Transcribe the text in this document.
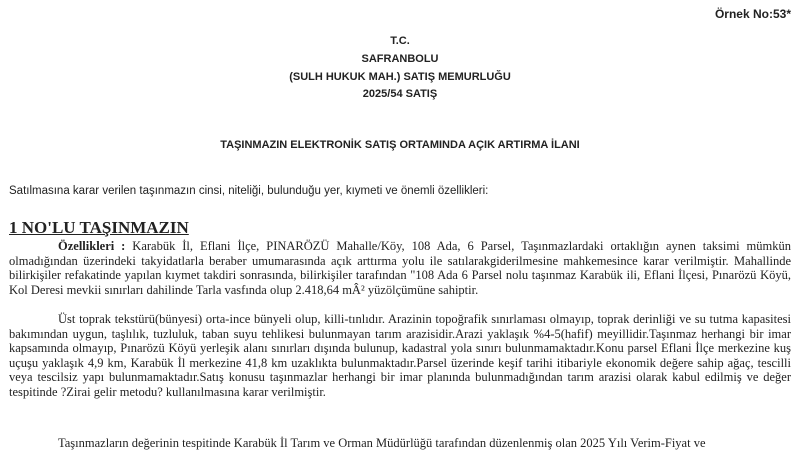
Örnek No:53*
T.C.
SAFRANBOLU
(SULH HUKUK MAH.) SATIŞ MEMURLUĞU
2025/54 SATIŞ
TAŞINMAZIN ELEKTRONİK SATIŞ ORTAMINDA AÇIK ARTIRMA İLANI
Satılmasına karar verilen taşınmazın cinsi, niteliği, bulunduğu yer, kıymeti ve önemli özellikleri:
1 NO'LU TAŞINMAZIN

Özellikleri : Karabük İl, Eflani İlçe, PINARÖZÜ Mahalle/Köy, 108 Ada, 6 Parsel, Taşınmazlardaki ortaklığın aynen taksimi mümkün olmadığından üzerindeki takyidatlarla beraber umumarasında açık arttırma yolu ile satılarakgiderilmesine mahkemesince karar verilmiştir. Mahallinde bilirkişiler refakatinde yapılan kıymet takdiri sonrasında, bilirkişiler tarafından "108 Ada 6 Parsel nolu taşınmaz Karabük ili, Eflani İlçesi, Pınarözü Köyü, Kol Deresi mevkii sınırları dahilinde Tarla vasfında olup 2.418,64 mÂ² yüzölçümüne sahiptir.

Üst toprak tekstürü(bünyesi) orta-ince bünyeli olup, killi-tınlıdır. Arazinin topoğrafik sınırlaması olmayıp, toprak derinliği ve su tutma kapasitesi bakımından uygun, taşlılık, tuzluluk, taban suyu tehlikesi bulunmayan tarım arazisidir.Arazi yaklaşık %4-5(hafif) meyillidir.Taşınmaz herhangi bir imar kapsamında olmayıp, Pınarözü Köyü yerleşik alanı sınırları dışında bulunup, kadastral yola sınırı bulunmamaktadır.Konu parsel Eflani İlçe merkezine kuş uçuşu yaklaşık 4,9 km, Karabük İl merkezine 41,8 km uzaklıkta bulunmaktadır.Parsel üzerinde keşif tarihi itibariyle ekonomik değere sahip ağaç, tescilli veya tescilsiz yapı bulunmamaktadır.Satış konusu taşınmazlar herhangi bir imar planında bulunmadığından tarım arazisi olarak kabul edilmiş ve değer tespitinde ?Zirai gelir metodu? kullanılmasına karar verilmiştir.

Taşınmazların değerinin tespitinde Karabük İl Tarım ve Orman Müdürlüğü tarafından düzenlenmiş olan 2025 Yılı Verim-Fiyat ve
